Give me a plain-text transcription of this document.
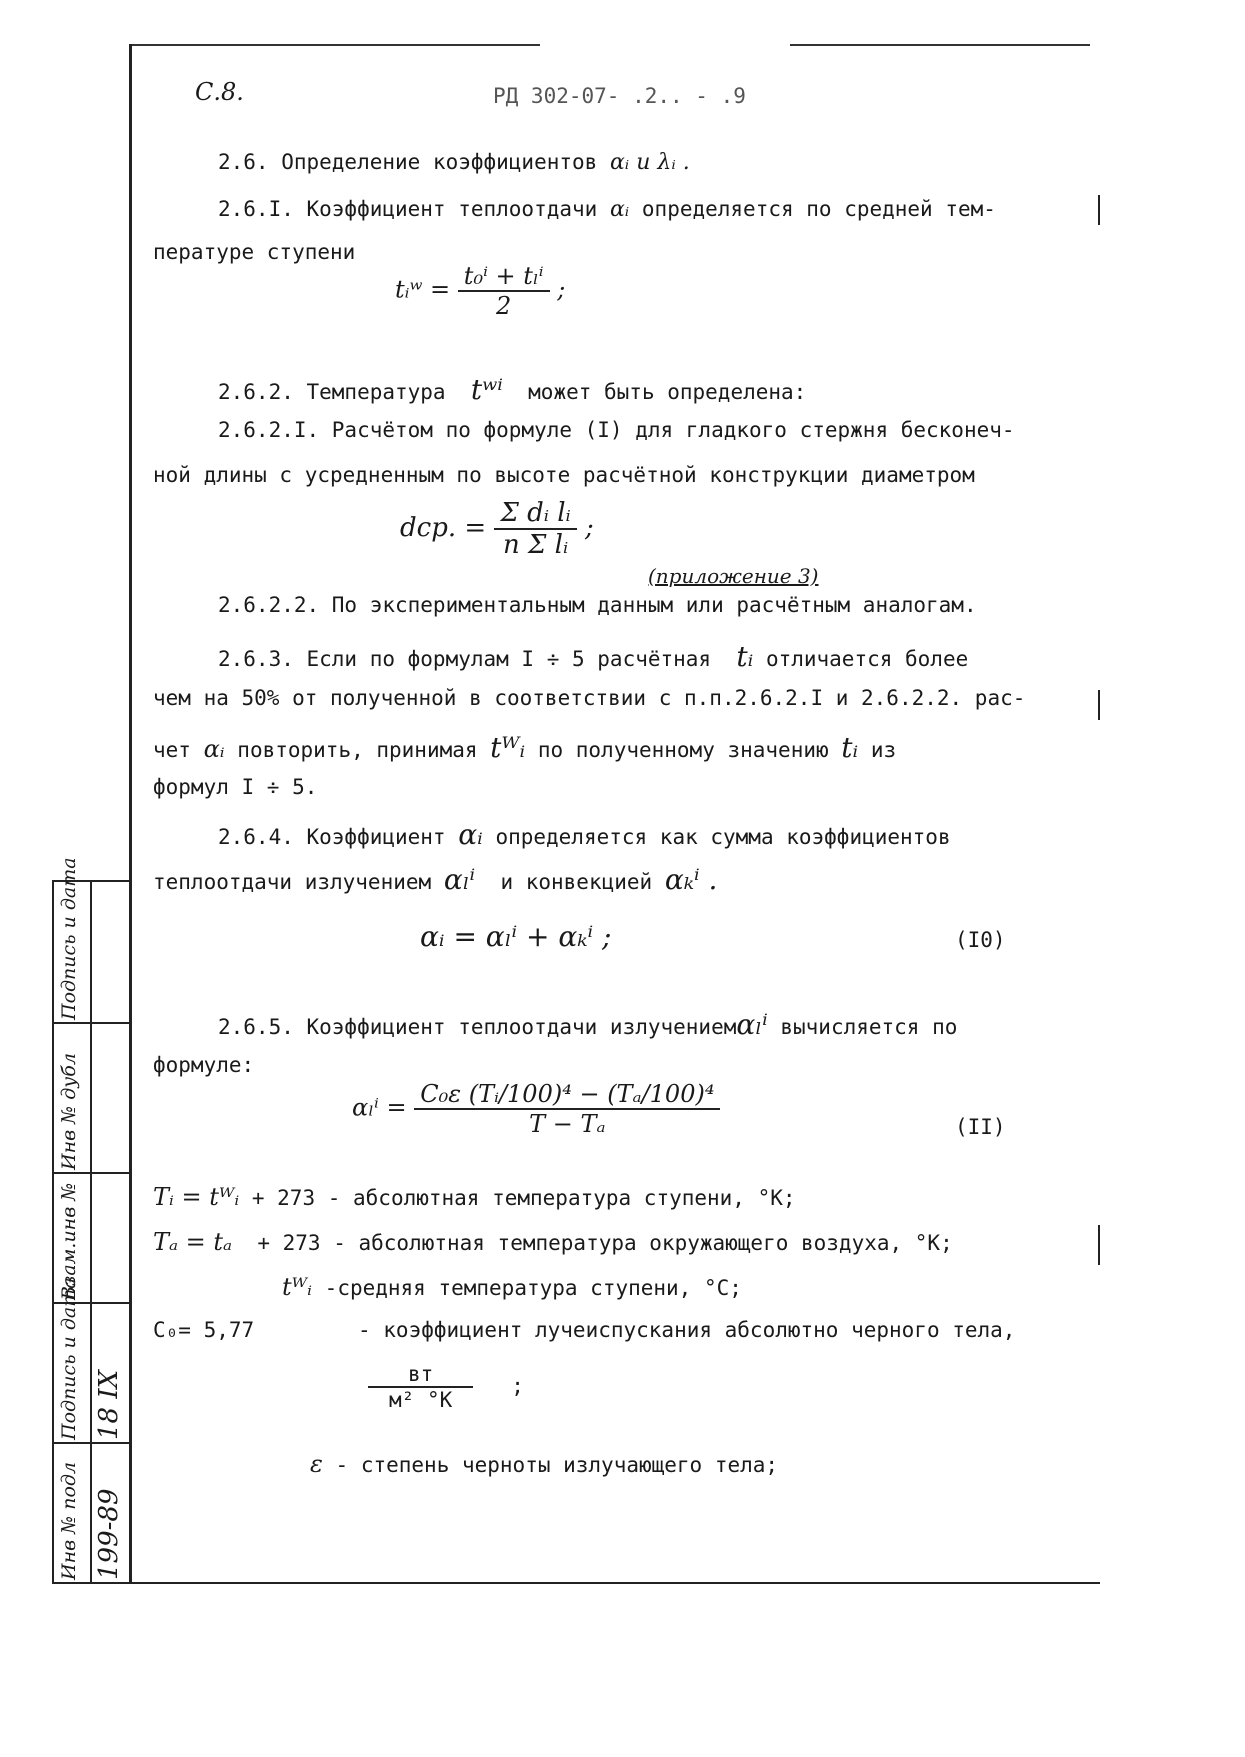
С.8.	РД 302-07- .2.. - .9
2.6. Определение коэффициентов αᵢ и λᵢ .
2.6.I. Коэффициент теплоотдачи αᵢ определяется по средней тем-
пературе ступени
tᵢʷ = $\frac{\text{t₀ⁱ + tₗⁱ}}{2}$ ;
2.6.2. Температура tʷⁱ может быть определена:
2.6.2.I. Расчётом по формуле (I) для гладкого стержня бесконеч-
ной длины с усредненным по высоте расчётной конструкции диаметром
dср. = $\frac{\text{Σ dᵢ lᵢ}}{\text{n Σ lᵢ}}$ ;
(приложение 3)
2.6.2.2. По экспериментальным данным или расчётным аналогам.
2.6.3. Если по формулам I ÷ 5 расчётная tᵢ отличается более
чем на 50% от полученной в соответствии с п.п.2.6.2.I и 2.6.2.2. рас-
чет αᵢ повторить, принимая tᵂᵢ по полученному значению tᵢ из
формул I ÷ 5.
2.6.4. Коэффициент αᵢ определяется как сумма коэффициентов
теплоотдачи излучением αₗⁱ и конвекцией αₖⁱ .
αᵢ = αₗⁱ + αₖⁱ ;	(I0)
2.6.5. Коэффициент теплоотдачи излучениемαₗⁱ вычисляется по
формуле:
$\alpha_l^i = \frac{\text{C₀ε (Tᵢ/100)⁴ − (Tₐ/100)⁴}}{\text{T − Tₐ}}$	(II)
Tᵢ = tᵂᵢ + 273 - абсолютная температура ступени, °K;
Tₐ = tₐ + 273 - абсолютная температура окружающего воздуха, °K;
tᵂᵢ -средняя температура ступени, °C;
C₀= 5,77	- коэффициент лучеиспускания абсолютно черного тела,
$\frac{вт}{\text{м² °K}}$ ;
ε - степень черноты излучающего тела;
Подпись и дата
Инв № дубл
Взам.инв №
Подпись и дата
Инв № подл 199-89
18 IX
